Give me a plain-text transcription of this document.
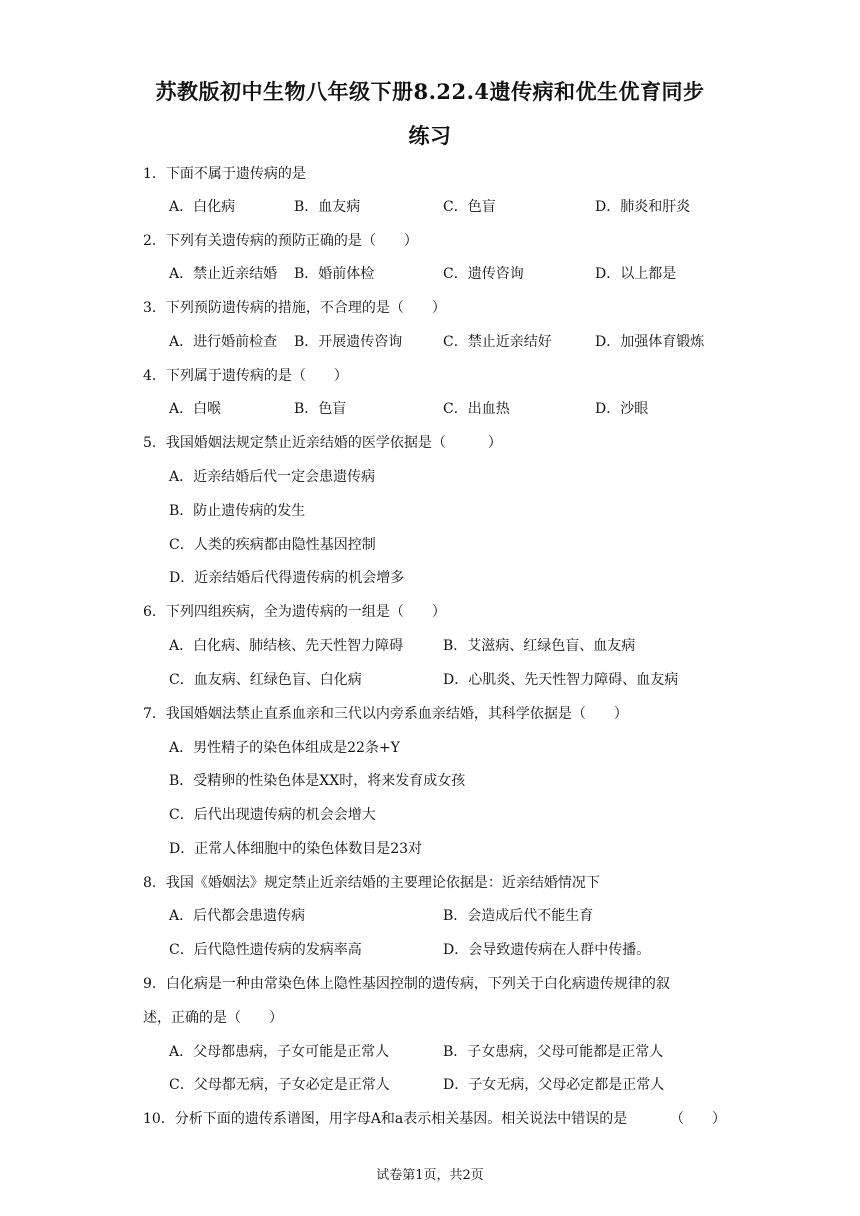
苏教版初中生物八年级下册8.22.4遗传病和优生优育同步
练习
1．下面不属于遗传病的是
A．白化病	B．血友病	C．色盲	D．肺炎和肝炎
2．下列有关遗传病的预防正确的是（　　）
A．禁止近亲结婚 B．婚前体检	C．遗传咨询	D．以上都是
3．下列预防遗传病的措施，不合理的是（　　）
A．进行婚前检查 B．开展遗传咨询	C．禁止近亲结好	D．加强体育锻炼
4．下列属于遗传病的是（　　）
A．白喉	B．色盲	C．出血热	D．沙眼
5．我国婚姻法规定禁止近亲结婚的医学依据是（　　　）
A．近亲结婚后代一定会患遗传病
B．防止遗传病的发生
C．人类的疾病都由隐性基因控制
D．近亲结婚后代得遗传病的机会增多
6．下列四组疾病，全为遗传病的一组是（　　）
A．白化病、肺结核、先天性智力障碍	B．艾滋病、红绿色盲、血友病
C．血友病、红绿色盲、白化病	D．心肌炎、先天性智力障碍、血友病
7．我国婚姻法禁止直系血亲和三代以内旁系血亲结婚，其科学依据是（　　）
A．男性精子的染色体组成是22条+Y
B．受精卵的性染色体是XX时，将来发育成女孩
C．后代出现遗传病的机会会增大
D．正常人体细胞中的染色体数目是23对
8．我国《婚姻法》规定禁止近亲结婚的主要理论依据是：近亲结婚情况下
A．后代都会患遗传病	B．会造成后代不能生育
C．后代隐性遗传病的发病率高	D．会导致遗传病在人群中传播。
9．白化病是一种由常染色体上隐性基因控制的遗传病，下列关于白化病遗传规律的叙
述，正确的是（　　）
A．父母都患病，子女可能是正常人	B．子女患病，父母可能都是正常人
C．父母都无病，子女必定是正常人	D．子女无病，父母必定都是正常人
10．分析下面的遗传系谱图，用字母A和a表示相关基因。相关说法中错误的是	（　　）
试卷第1页，共2页
